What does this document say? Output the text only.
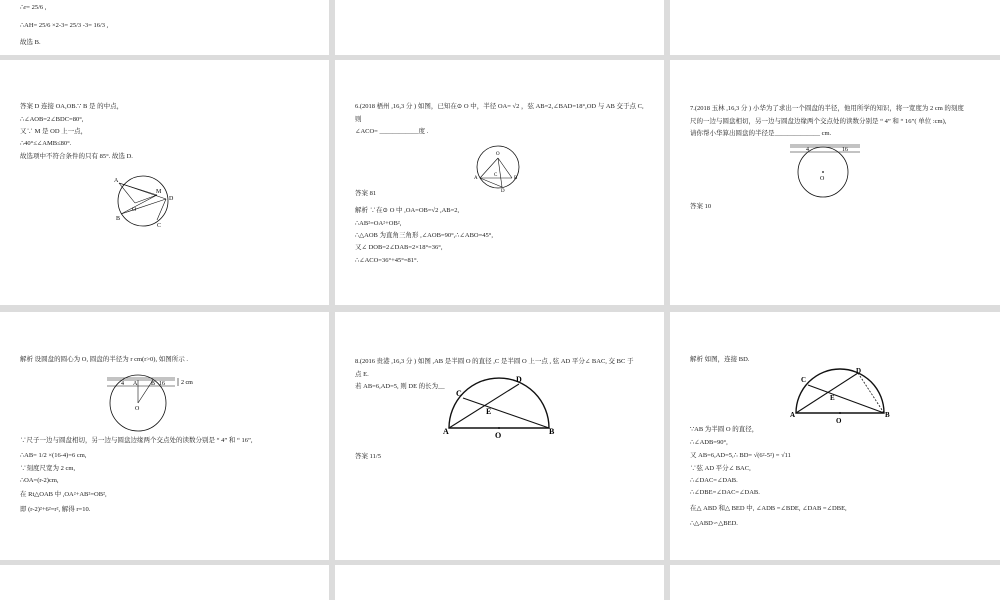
∴r= 25/6 ,
∴AH= 25/6 ×2-3= 25/3 -3= 16/3 ,
故选 B.
答案 D 连接 OA,OB.∵ B 是 的中点，
∴∠AOB=2∠BDC=80°,
又∵ M 是 OD 上一点，
∴40°≤∠AMB≤80°.
故选项中不符合条件的只有 85°. 故选 D.
A
M
O
D
B
C
6.(2018 梧州 ,16,3 分 ) 如图，已知在⊙ O 中，半径 OA= √2 ，弦 AB=2,∠BAD=18°,OD 与 AB 交于点 C,
则
∠ACO= ____________度 .
O
A
C
B
D
答案 81
解析 ∵在⊙ O 中 ,OA=OB=√2 ,AB=2,
∴AB²=OA²+OB²,
∴△AOB 为直角三角形 ,∠AOB=90°,∴∠ABO=45°,
又∠ DOB=2∠DAB=2×18°=36°,
∴∠ACO=36°+45°=81°.
7.(2018 玉林 ,16,3 分 ) 小华为了求出一个圆盘的半径，他用所学的知识，将一宽度为 2 cm 的刻度
尺的一边与圆盘相切，另一边与圆盘边缘两个交点处的读数分别是 “ 4” 和 “ 16”( 单位 :cm),
请你帮小华算出圆盘的半径是______________ cm.
4	16
O
答案 10
解析 设圆盘的圆心为 O, 圆盘的半径为 r cm(r>0), 如图所示 .
4 A B 16	2 cm
O
∵尺子一边与圆盘相切，另一边与圆盘边缘两个交点处的读数分别是 “ 4” 和 “ 16”,
∴AB= 1/2 ×(16-4)=6 cm,
∵刻度尺宽为 2 cm,
∴OA=(r-2)cm,
在 Rt△OAB 中 ,OA²+AB²=OB²,
即 (r-2)²+6²=r², 解得 r=10.
8.(2016 贵港 ,16,3 分 ) 如图 ,AB 是半圆 O 的直径 ,C 是半圆 O 上一点 , 弦 AD 平分∠ BAC, 交 BC 于
点 E.
若 AB=6,AD=5, 则 DE 的长为__
C
D
E
A	O	B
答案 11/5
解析 如图，连接 BD.
C
D
E
A
O
B
∵AB 为半圆 O 的直径，
∴∠ADB=90°,
又 AB=6,AD=5,∴ BD= √(6²-5²) = √11
∵弦 AD 平分∠ BAC,
∴∠DAC=∠DAB.
∴∠DBE=∠DAC=∠DAB.
在△ ABD 和△ BED 中, ∠ADB =∠BDE, ∠DAB =∠DBE,
∴△ABD∽△BED.
